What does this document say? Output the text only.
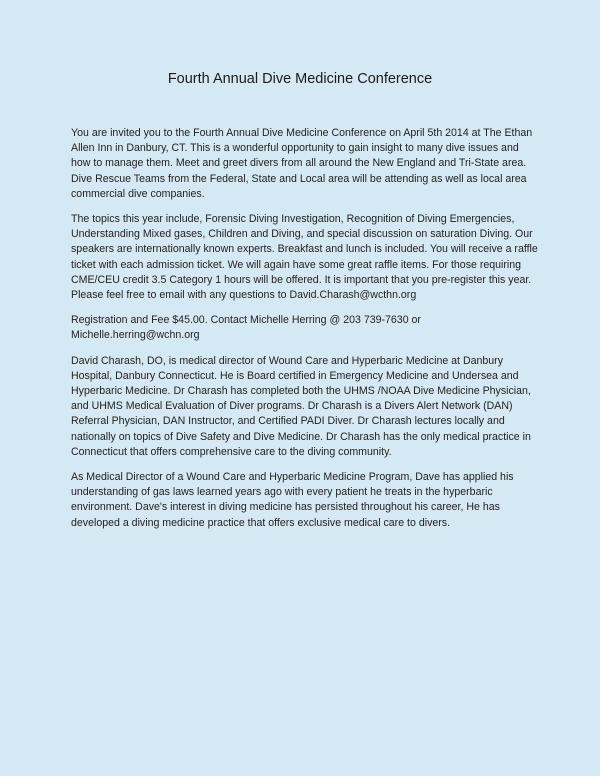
Fourth Annual Dive Medicine Conference

You are invited you to the Fourth Annual Dive Medicine Conference on April 5th 2014 at The Ethan Allen Inn in Danbury, CT. This is a wonderful opportunity to gain insight to many dive issues and how to manage them. Meet and greet divers from all around the New England and Tri-State area. Dive Rescue Teams from the Federal, State and Local area will be attending as well as local area commercial dive companies.

The topics this year include, Forensic Diving Investigation, Recognition of Diving Emergencies, Understanding Mixed gases, Children and Diving, and special discussion on saturation Diving. Our speakers are internationally known experts. Breakfast and lunch is included. You will receive a raffle ticket with each admission ticket. We will again have some great raffle items. For those requiring CME/CEU credit 3.5 Category 1 hours will be offered. It is important that you pre-register this year. Please feel free to email with any questions to David.Charash@wcthn.org

Registration and Fee $45.00. Contact Michelle Herring @ 203 739-7630 or Michelle.herring@wchn.org

David Charash, DO, is medical director of Wound Care and Hyperbaric Medicine at Danbury Hospital, Danbury Connecticut. He is Board certified in Emergency Medicine and Undersea and Hyperbaric Medicine. Dr Charash has completed both the UHMS /NOAA Dive Medicine Physician, and UHMS Medical Evaluation of Diver programs. Dr Charash is a Divers Alert Network (DAN) Referral Physician, DAN Instructor, and Certified PADI Diver. Dr Charash lectures locally and nationally on topics of Dive Safety and Dive Medicine. Dr Charash has the only medical practice in Connecticut that offers comprehensive care to the diving community.

As Medical Director of a Wound Care and Hyperbaric Medicine Program, Dave has applied his understanding of gas laws learned years ago with every patient he treats in the hyperbaric environment. Dave's interest in diving medicine has persisted throughout his career, He has developed a diving medicine practice that offers exclusive medical care to divers.
